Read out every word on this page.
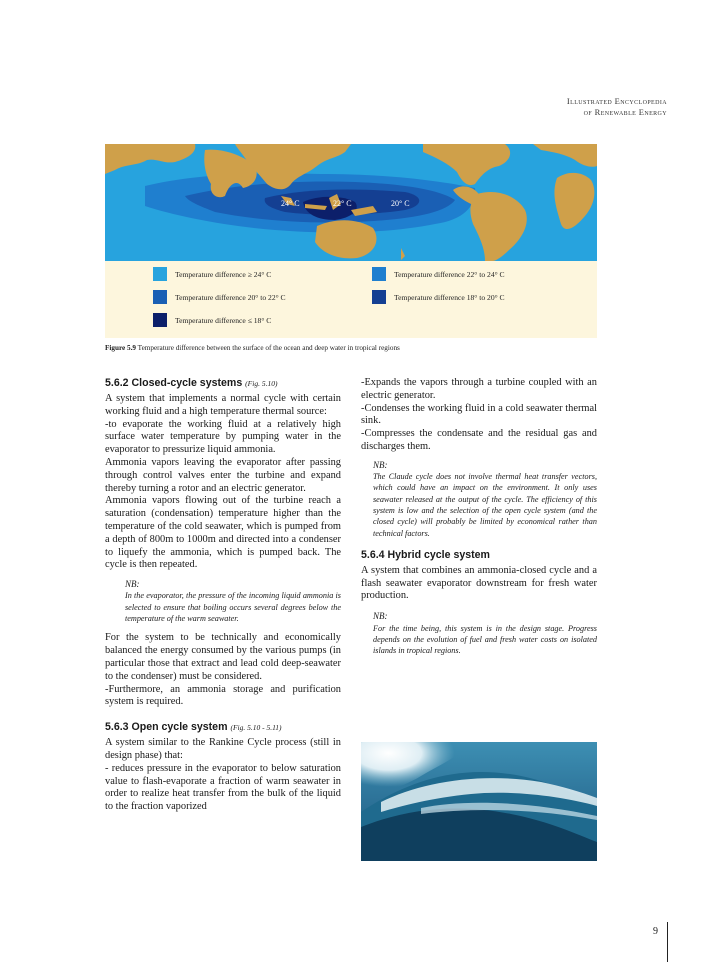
Illustrated Encyclopedia
of Renewable Energy
24° C	22° C	20° C
Temperature difference ≥ 24° C	Temperature difference 22° to 24° C
Temperature difference 20° to 22° C	Temperature difference 18° to 20° C
Temperature difference ≤ 18° C
Figure 5.9 Temperature difference between the surface of the ocean and deep water in tropical regions
5.6.2 Closed-cycle systems (Fig. 5.10)

A system that implements a normal cycle with certain working fluid and a high temperature thermal source:

-to evaporate the working fluid at a relatively high surface water temperature by pumping water in the evaporator to pressurize liquid ammonia.

Ammonia vapors leaving the evaporator after passing through control valves enter the turbine and expand thereby turning a rotor and an electric generator.

Ammonia vapors flowing out of the turbine reach a saturation (condensation) temperature higher than the temperature of the cold seawater, which is pumped from a depth of 800m to 1000m and directed into a condenser to liquefy the ammonia, which is pumped back. The cycle is then repeated.

NB:
In the evaporator, the pressure of the incoming liquid ammonia is selected to ensure that boiling occurs several degrees below the temperature of the warm seawater.

For the system to be technically and economically balanced the energy consumed by the various pumps (in particular those that extract and lead cold deep-seawater to the condenser) must be considered.

-Furthermore, an ammonia storage and purification system is required.

5.6.3 Open cycle system (Fig. 5.10 - 5.11)

A system similar to the Rankine Cycle process (still in design phase) that:

- reduces pressure in the evaporator to below saturation value to flash-evaporate a fraction of warm seawater in order to realize heat transfer from the bulk of the liquid to the fraction vaporized

-Expands the vapors through a turbine coupled with an electric generator.

-Condenses the working fluid in a cold seawater thermal sink.

-Compresses the condensate and the residual gas and discharges them.

NB:
The Claude cycle does not involve thermal heat transfer vectors, which could have an impact on the environment. It only uses seawater released at the output of the cycle. The efficiency of this system is low and the selection of the open cycle system (and the closed cycle) will probably be limited by economical rather than technical factors.
5.6.4 Hybrid cycle system

A system that combines an ammonia-closed cycle and a flash seawater evaporator downstream for fresh water production.

NB:
For the time being, this system is in the design stage. Progress depends on the evolution of fuel and fresh water costs on isolated islands in tropical regions.
9
